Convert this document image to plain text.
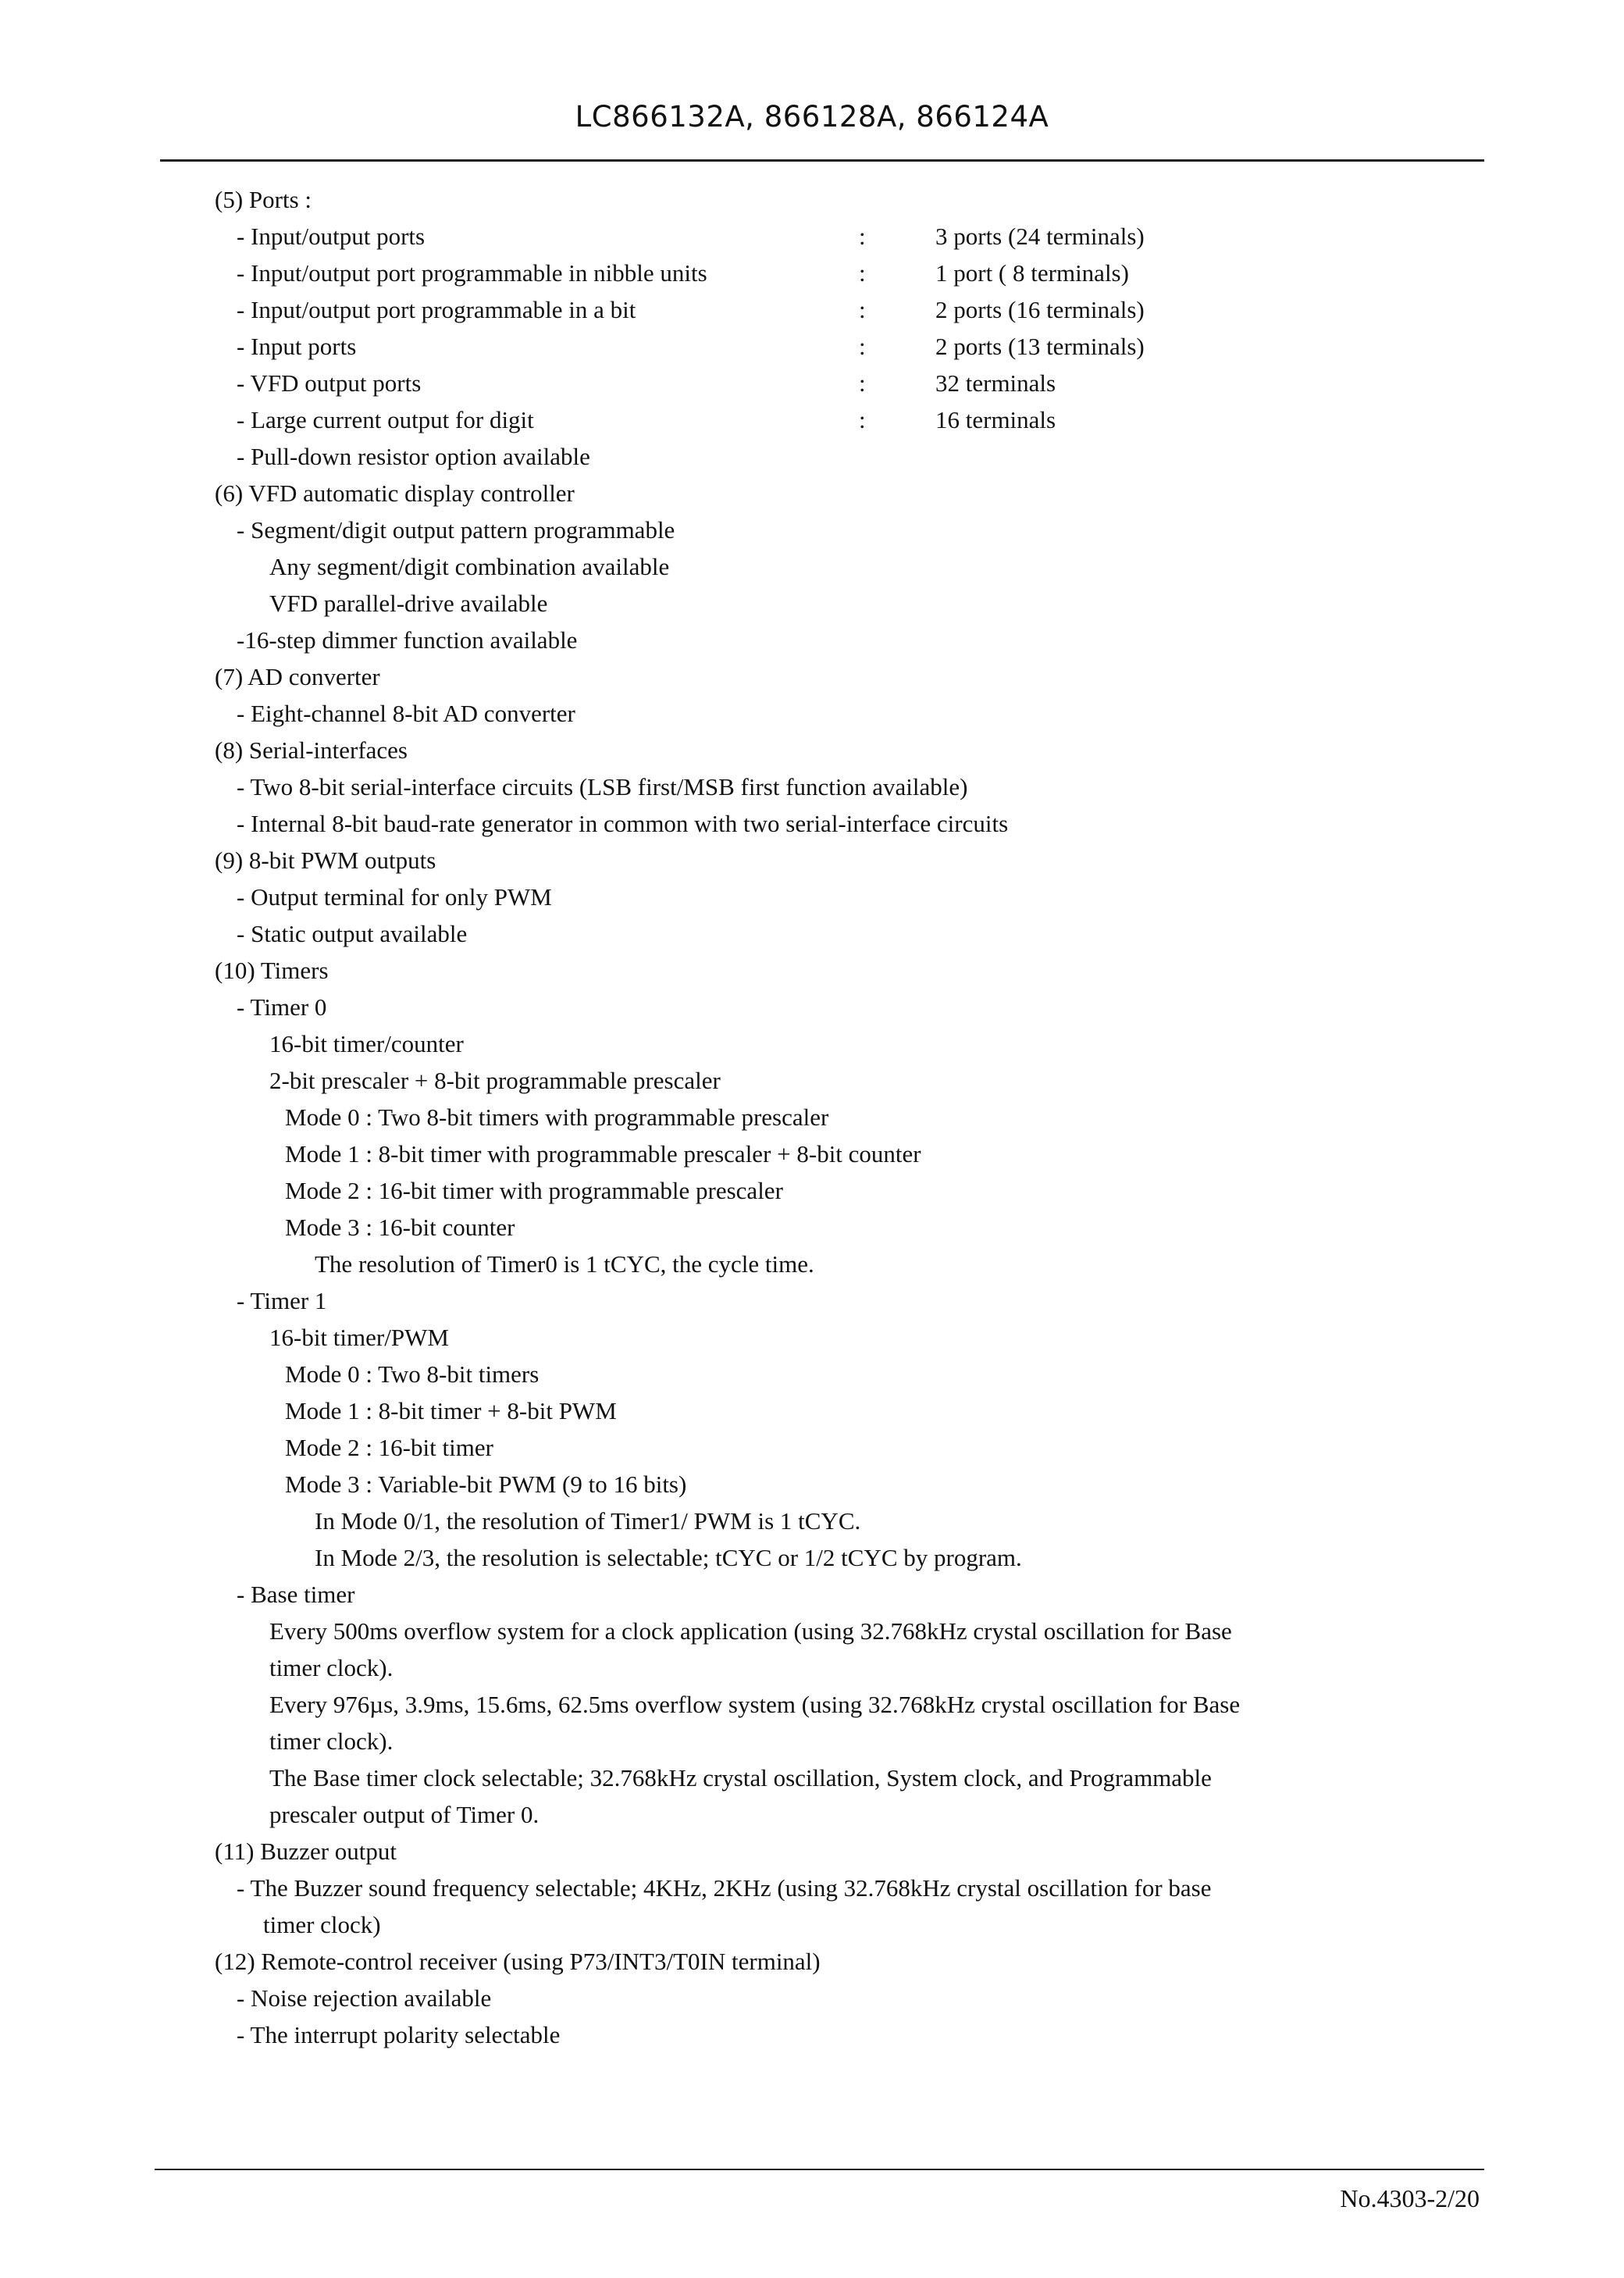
LC866132A, 866128A, 866124A
(5) Ports :
- Input/output ports	:	3 ports (24 terminals)
- Input/output port programmable in nibble units	:	1 port ( 8 terminals)
- Input/output port programmable in a bit	:	2 ports (16 terminals)
- Input ports	:	2 ports (13 terminals)
- VFD output ports	:	32 terminals
- Large current output for digit	:	16 terminals
- Pull-down resistor option available
(6) VFD automatic display controller
- Segment/digit output pattern programmable
Any segment/digit combination available
VFD parallel-drive available
-16-step dimmer function available
(7) AD converter
- Eight-channel 8-bit AD converter
(8) Serial-interfaces
- Two 8-bit serial-interface circuits (LSB first/MSB first function available)
- Internal 8-bit baud-rate generator in common with two serial-interface circuits
(9) 8-bit PWM outputs
- Output terminal for only PWM
- Static output available
(10) Timers
- Timer 0
16-bit timer/counter
2-bit prescaler + 8-bit programmable prescaler
Mode 0 : Two 8-bit timers with programmable prescaler
Mode 1 : 8-bit timer with programmable prescaler + 8-bit counter
Mode 2 : 16-bit timer with programmable prescaler
Mode 3 : 16-bit counter
The resolution of Timer0 is 1 tCYC, the cycle time.
- Timer 1
16-bit timer/PWM
Mode 0 : Two 8-bit timers
Mode 1 : 8-bit timer + 8-bit PWM
Mode 2 : 16-bit timer
Mode 3 : Variable-bit PWM (9 to 16 bits)
In Mode 0/1, the resolution of Timer1/ PWM is 1 tCYC.
In Mode 2/3, the resolution is selectable; tCYC or 1/2 tCYC by program.
- Base timer
Every 500ms overflow system for a clock application (using 32.768kHz crystal oscillation for Base
timer clock).
Every 976µs, 3.9ms, 15.6ms, 62.5ms overflow system (using 32.768kHz crystal oscillation for Base
timer clock).
The Base timer clock selectable; 32.768kHz crystal oscillation, System clock, and Programmable
prescaler output of Timer 0.
(11) Buzzer output
- The Buzzer sound frequency selectable; 4KHz, 2KHz (using 32.768kHz crystal oscillation for base
timer clock)
(12) Remote-control receiver (using P73/INT3/T0IN terminal)
- Noise rejection available
- The interrupt polarity selectable
No.4303-2/20
